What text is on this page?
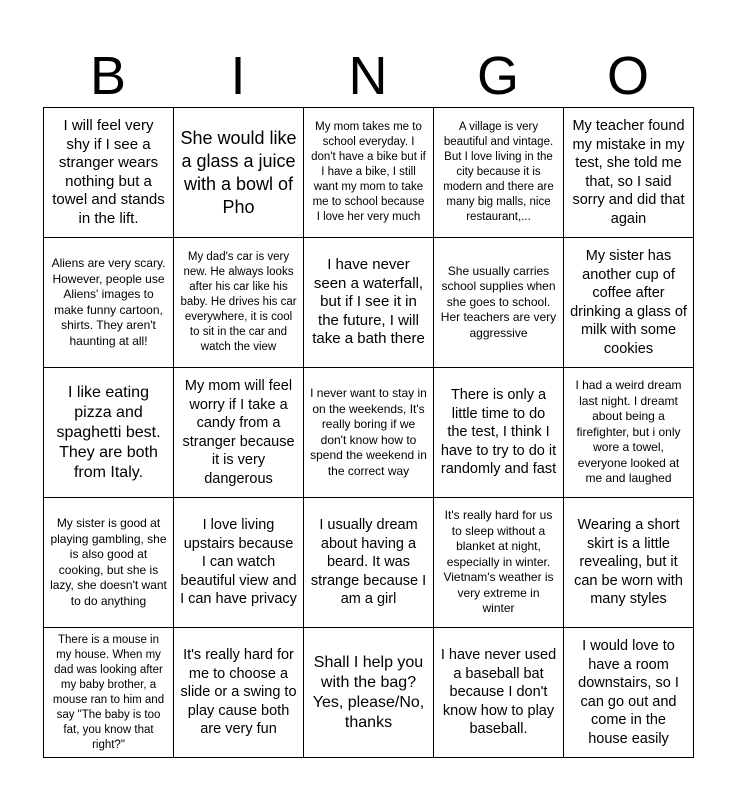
B	I	N	G	O
I will feel very shy if I see a stranger wears nothing but a towel and stands in the lift.
She would like a glass a juice with a bowl of Pho
My mom takes me to school everyday. I don't have a bike but if I have a bike, I still want my mom to take me to school because I love her very much
A village is very beautiful and vintage. But I love living in the city because it is modern and there are many big malls, nice restaurant,...
My teacher found my mistake in my test, she told me that, so I said sorry and did that again
Aliens are very scary. However, people use Aliens' images to make funny cartoon, shirts. They aren't haunting at all!
My dad's car is very new. He always looks after his car like his baby. He drives his car everywhere, it is cool to sit in the car and watch the view
I have never seen a waterfall, but if I see it in the future, I will take a bath there
She usually carries school supplies when she goes to school. Her teachers are very aggressive
My sister has another cup of coffee after drinking a glass of milk with some cookies
I like eating pizza and spaghetti best. They are both from Italy.
My mom will feel worry if I take a candy from a stranger because it is very dangerous
I never want to stay in on the weekends, It's really boring if we don't know how to spend the weekend in the correct way
There is only a little time to do the test, I think I have to try to do it randomly and fast
I had a weird dream last night. I dreamt about being a firefighter, but i only wore a towel, everyone looked at me and laughed
My sister is good at playing gambling, she is also good at cooking, but she is lazy, she doesn't want to do anything
I love living upstairs because I can watch beautiful view and I can have privacy
I usually dream about having a beard. It was strange because I am a girl
It's really hard for us to sleep without a blanket at night, especially in winter. Vietnam's weather is very extreme in winter
Wearing a short skirt is a little revealing, but it can be worn with many styles
There is a mouse in my house. When my dad was looking after my baby brother, a mouse ran to him and say "The baby is too fat, you know that right?"
It's really hard for me to choose a slide or a swing to play cause both are very fun
Shall I help you with the bag? Yes, please/No, thanks
I have never used a baseball bat because I don't know how to play baseball.
I would love to have a room downstairs, so I can go out and come in the house easily
